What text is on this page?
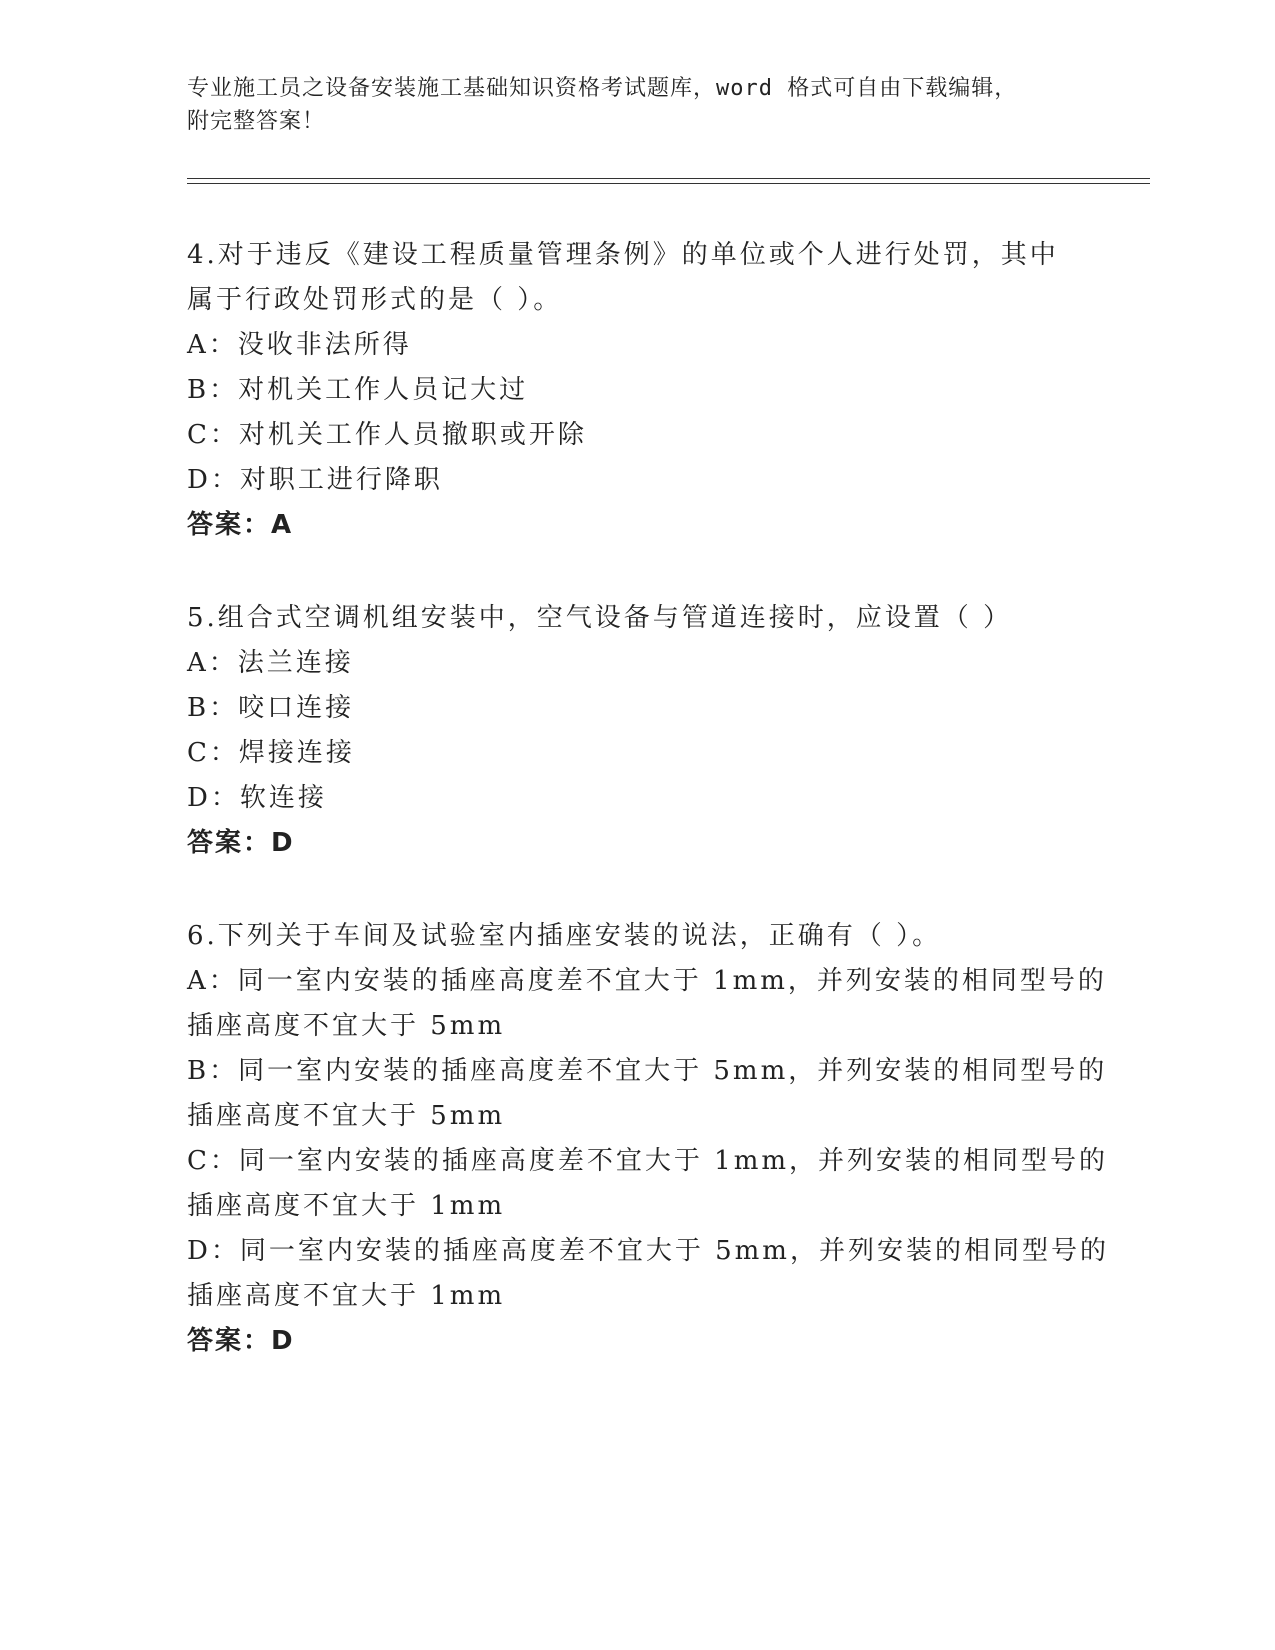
专业施工员之设备安装施工基础知识资格考试题库，word 格式可自由下载编辑，
附完整答案！
4.对于违反《建设工程质量管理条例》的单位或个人进行处罚，其中
属于行政处罚形式的是（ ）。
A：没收非法所得
B：对机关工作人员记大过
C：对机关工作人员撤职或开除
D：对职工进行降职
答案：A
5.组合式空调机组安装中，空气设备与管道连接时，应设置（ ）
A：法兰连接
B：咬口连接
C：焊接连接
D：软连接
答案：D
6.下列关于车间及试验室内插座安装的说法，正确有（ ）。
A：同一室内安装的插座高度差不宜大于 1mm，并列安装的相同型号的
插座高度不宜大于 5mm
B：同一室内安装的插座高度差不宜大于 5mm，并列安装的相同型号的
插座高度不宜大于 5mm
C：同一室内安装的插座高度差不宜大于 1mm，并列安装的相同型号的
插座高度不宜大于 1mm
D：同一室内安装的插座高度差不宜大于 5mm，并列安装的相同型号的
插座高度不宜大于 1mm
答案：D
